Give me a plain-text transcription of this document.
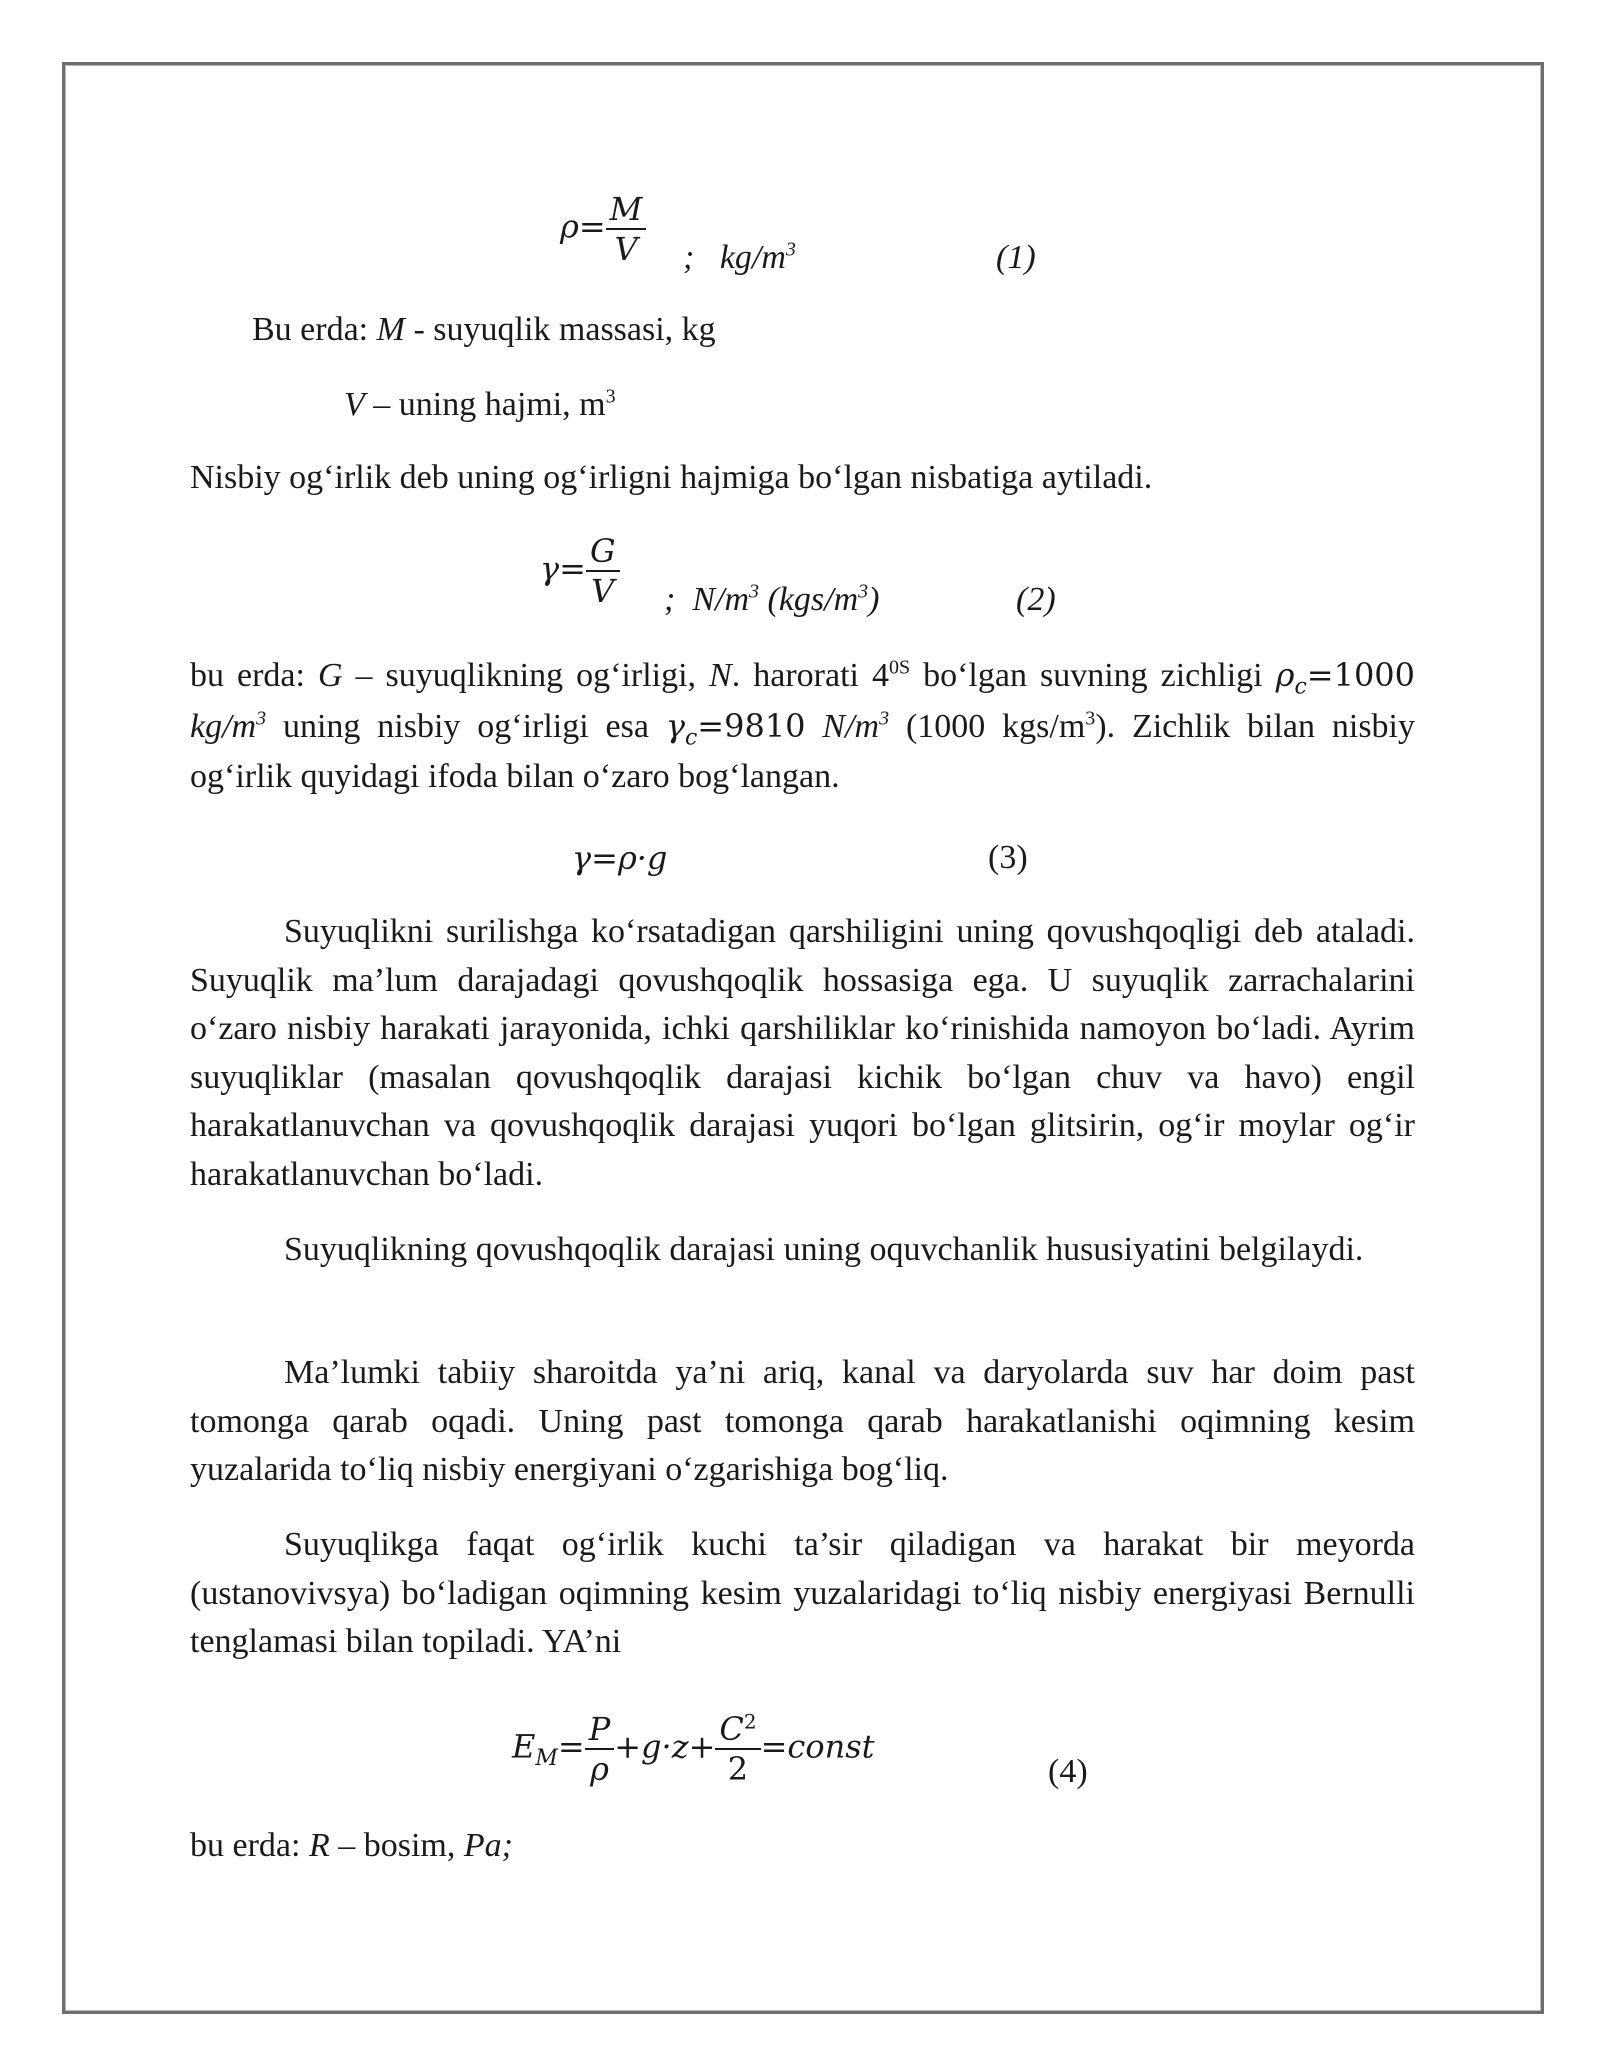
$\rho= \frac{M}{V}$ ; $kg/m^3$	(1)
Bu erda: M - suyuqlik massasi, kg
V – uning hajmi, $m^3$
Nisbiy og‘irlik deb uning og‘irligni hajmiga bo‘lgan nisbatiga aytiladi.
$\gamma= \frac{G}{V}$ ; $N/m^3$ $(kgs/m^3)$	(2)
bu erda: G – suyuqlikning og‘irligi, N. harorati $4^{0S}$ bo‘lgan suvning zichligi $\rho_c=1000$ $kg/m^3$ uning nisbiy og‘irligi esa $\gamma_c=9810$ $N/m^3$ (1000 kgs/$m^3$). Zichlik bilan nisbiy og‘irlik quyidagi ifoda bilan o‘zaro bog‘langan.
γ=ρ·g	(3)
Suyuqlikni surilishga ko‘rsatadigan qarshiligini uning qovushqoqligi deb ataladi. Suyuqlik ma’lum darajadagi qovushqoqlik hossasiga ega. U suyuqlik zarrachalarini o‘zaro nisbiy harakati jarayonida, ichki qarshiliklar ko‘rinishida namoyon bo‘ladi. Ayrim suyuqliklar (masalan qovushqoqlik darajasi kichik bo‘lgan chuv va havo) engil harakatlanuvchan va qovushqoqlik darajasi yuqori bo‘lgan glitsirin, og‘ir moylar og‘ir harakatlanuvchan bo‘ladi.
Suyuqlikning qovushqoqlik darajasi uning oquvchanlik hususiyatini belgilaydi.
Ma’lumki tabiiy sharoitda ya’ni ariq, kanal va daryolarda suv har doim past tomonga qarab oqadi. Uning past tomonga qarab harakatlanishi oqimning kesim yuzalarida to‘liq nisbiy energiyani o‘zgarishiga bog‘liq.
Suyuqlikga faqat og‘irlik kuchi ta’sir qiladigan va harakat bir meyorda (ustanovivsya) bo‘ladigan oqimning kesim yuzalaridagi to‘liq nisbiy energiyasi Bernulli tenglamasi bilan topiladi. YA’ni
$E_M= \frac{P}{\rho} +g\cdot z+ \frac{C^2}{2}$ =const
(4)
bu erda: R – bosim, Pa;
